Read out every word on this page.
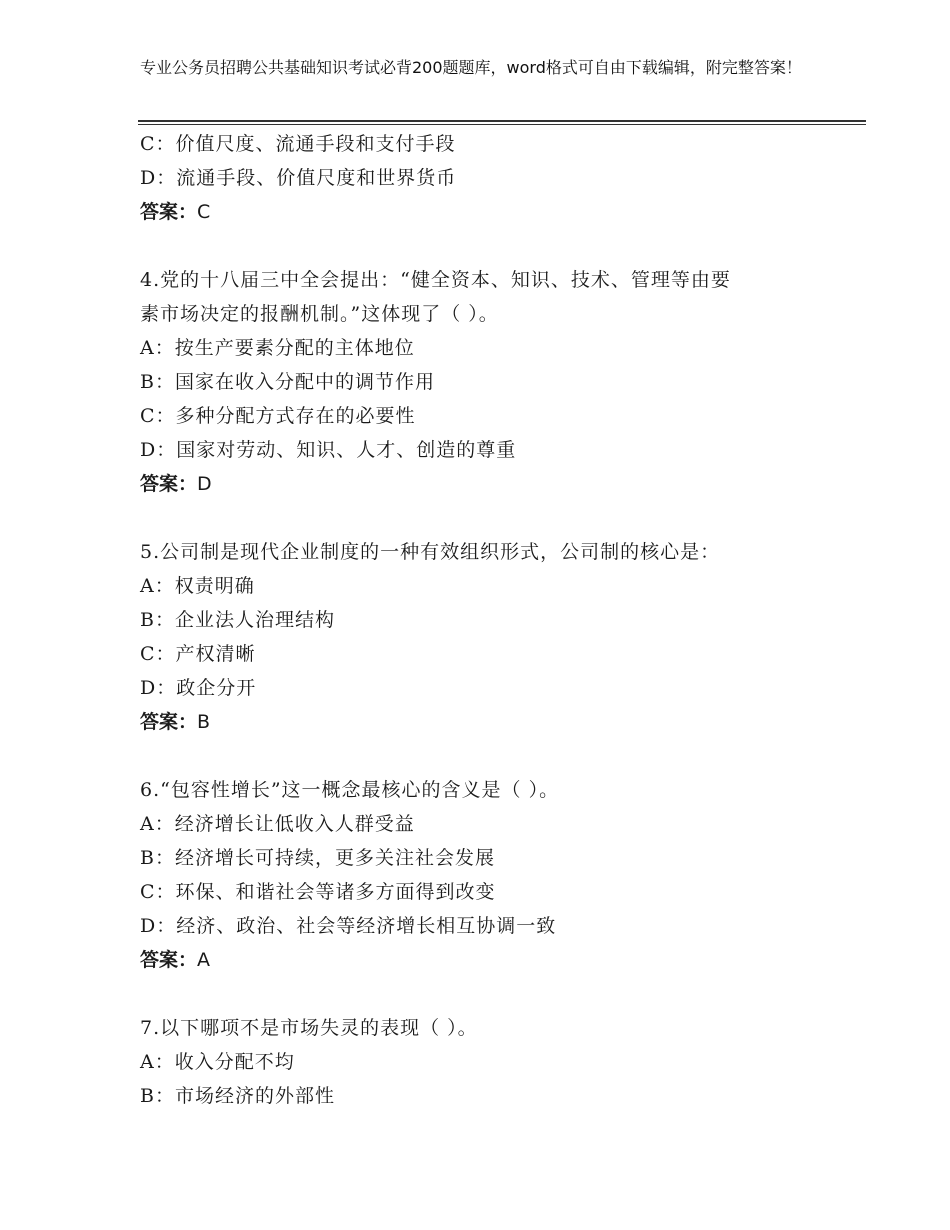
专业公务员招聘公共基础知识考试必背200题题库，word格式可自由下载编辑，附完整答案！
C：价值尺度、流通手段和支付手段
D：流通手段、价值尺度和世界货币
答案：C
4.党的十八届三中全会提出：“健全资本、知识、技术、管理等由要
素市场决定的报酬机制。”这体现了（ ）。
A：按生产要素分配的主体地位
B：国家在收入分配中的调节作用
C：多种分配方式存在的必要性
D：国家对劳动、知识、人才、创造的尊重
答案：D
5.公司制是现代企业制度的一种有效组织形式，公司制的核心是：
A：权责明确
B：企业法人治理结构
C：产权清晰
D：政企分开
答案：B
6.“包容性增长”这一概念最核心的含义是（ ）。
A：经济增长让低收入人群受益
B：经济增长可持续，更多关注社会发展
C：环保、和谐社会等诸多方面得到改变
D：经济、政治、社会等经济增长相互协调一致
答案：A
7.以下哪项不是市场失灵的表现（ ）。
A：收入分配不均
B：市场经济的外部性
